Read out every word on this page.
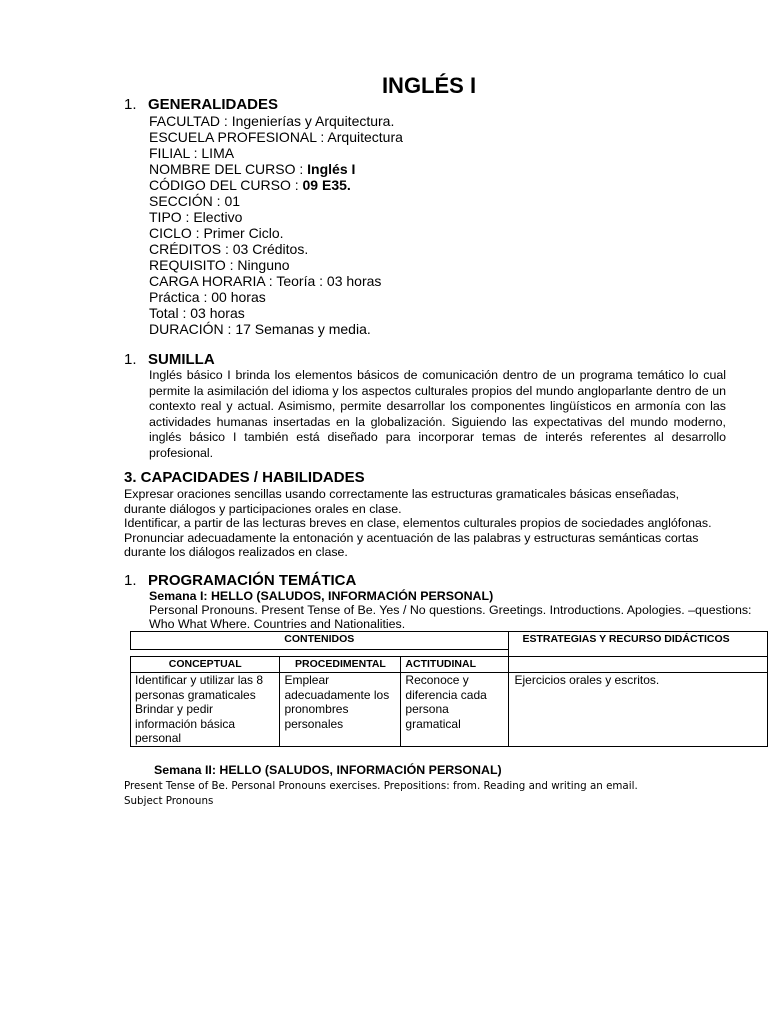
INGLÉS I
1. GENERALIDADES
FACULTAD : Ingenierías y Arquitectura.
ESCUELA PROFESIONAL : Arquitectura
FILIAL : LIMA
NOMBRE DEL CURSO : Inglés I
CÓDIGO DEL CURSO : 09 E35.
SECCIÓN : 01
TIPO : Electivo
CICLO : Primer Ciclo.
CRÉDITOS : 03 Créditos.
REQUISITO : Ninguno
CARGA HORARIA : Teoría : 03 horas
Práctica : 00 horas
Total : 03 horas
DURACIÓN : 17 Semanas y media.
1. SUMILLA
Inglés básico I brinda los elementos básicos de comunicación dentro de un programa temático lo cual permite la asimilación del idioma y los aspectos culturales propios del mundo angloparlante dentro de un contexto real y actual. Asimismo, permite desarrollar los componentes lingüísticos en armonía con las actividades humanas insertadas en la globalización. Siguiendo las expectativas del mundo moderno, inglés básico I también está diseñado para incorporar temas de interés referentes al desarrollo profesional.
3. CAPACIDADES / HABILIDADES
Expresar oraciones sencillas usando correctamente las estructuras gramaticales básicas enseñadas,
durante diálogos y participaciones orales en clase.
Identificar, a partir de las lecturas breves en clase, elementos culturales propios de sociedades anglófonas.
Pronunciar adecuadamente la entonación y acentuación de las palabras y estructuras semánticas cortas
durante los diálogos realizados en clase.
1. PROGRAMACIÓN TEMÁTICA
Semana I: HELLO (SALUDOS, INFORMACIÓN PERSONAL)
Personal Pronouns. Present Tense of Be. Yes / No questions. Greetings. Introductions. Apologies. –questions: Who What Where. Countries and Nationalities.
CONTENIDOS			ESTRATEGIAS Y RECURSO DIDÁCTICOS

CONCEPTUAL	PROCEDIMENTAL	ACTITUDINAL	
Identificar y utilizar las 8 personas gramaticales Brindar y pedir información básica personal	Emplear adecuadamente los pronombres personales	Reconoce y diferencia cada persona gramatical	Ejercicios orales y escritos.
Semana II: HELLO (SALUDOS, INFORMACIÓN PERSONAL)
Present Tense of Be. Personal Pronouns exercises. Prepositions: from. Reading and writing an email. Subject Pronouns
